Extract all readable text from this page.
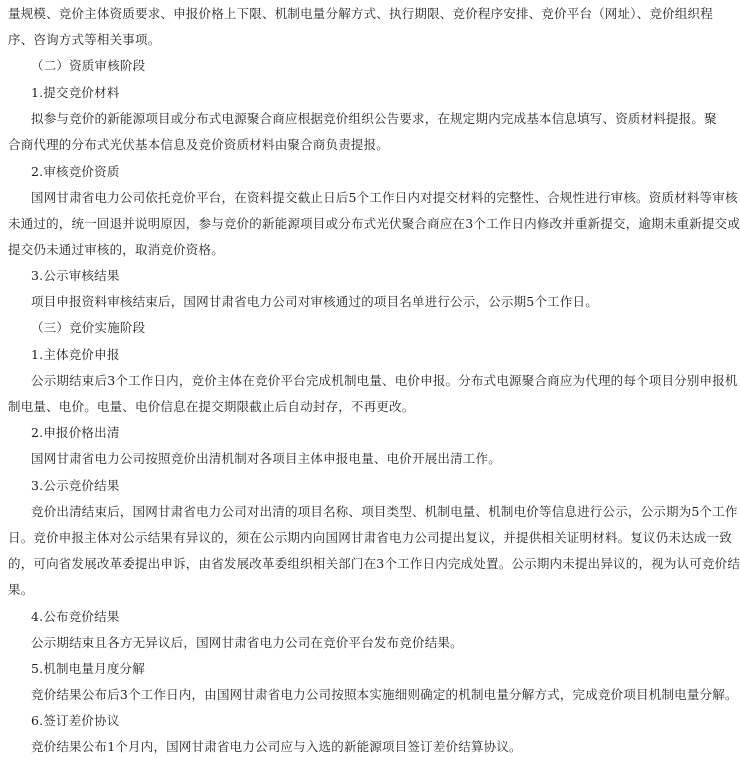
量规模、竞价主体资质要求、申报价格上下限、机制电量分解方式、执行期限、竞价程序安排、竞价平台（网址）、竞价组织程
序、咨询方式等相关事项。
（二）资质审核阶段
1.提交竞价材料
拟参与竞价的新能源项目或分布式电源聚合商应根据竞价组织公告要求，在规定期内完成基本信息填写、资质材料提报。聚
合商代理的分布式光伏基本信息及竞价资质材料由聚合商负责提报。
2.审核竞价资质
国网甘肃省电力公司依托竞价平台，在资料提交截止日后5个工作日内对提交材料的完整性、合规性进行审核。资质材料等审核
未通过的，统一回退并说明原因，参与竞价的新能源项目或分布式光伏聚合商应在3个工作日内修改并重新提交，逾期未重新提交或
提交仍未通过审核的，取消竞价资格。
3.公示审核结果
项目申报资料审核结束后，国网甘肃省电力公司对审核通过的项目名单进行公示，公示期5个工作日。
（三）竞价实施阶段
1.主体竞价申报
公示期结束后3个工作日内，竞价主体在竞价平台完成机制电量、电价申报。分布式电源聚合商应为代理的每个项目分别申报机
制电量、电价。电量、电价信息在提交期限截止后自动封存，不再更改。
2.申报价格出清
国网甘肃省电力公司按照竞价出清机制对各项目主体申报电量、电价开展出清工作。
3.公示竞价结果
竞价出清结束后，国网甘肃省电力公司对出清的项目名称、项目类型、机制电量、机制电价等信息进行公示，公示期为5个工作
日。竞价申报主体对公示结果有异议的，须在公示期内向国网甘肃省电力公司提出复议，并提供相关证明材料。复议仍未达成一致
的，可向省发展改革委提出申诉，由省发展改革委组织相关部门在3个工作日内完成处置。公示期内未提出异议的，视为认可竞价结
果。
4.公布竞价结果
公示期结束且各方无异议后，国网甘肃省电力公司在竞价平台发布竞价结果。
5.机制电量月度分解
竞价结果公布后3个工作日内，由国网甘肃省电力公司按照本实施细则确定的机制电量分解方式，完成竞价项目机制电量分解。
6.签订差价协议
竞价结果公布1个月内，国网甘肃省电力公司应与入选的新能源项目签订差价结算协议。
